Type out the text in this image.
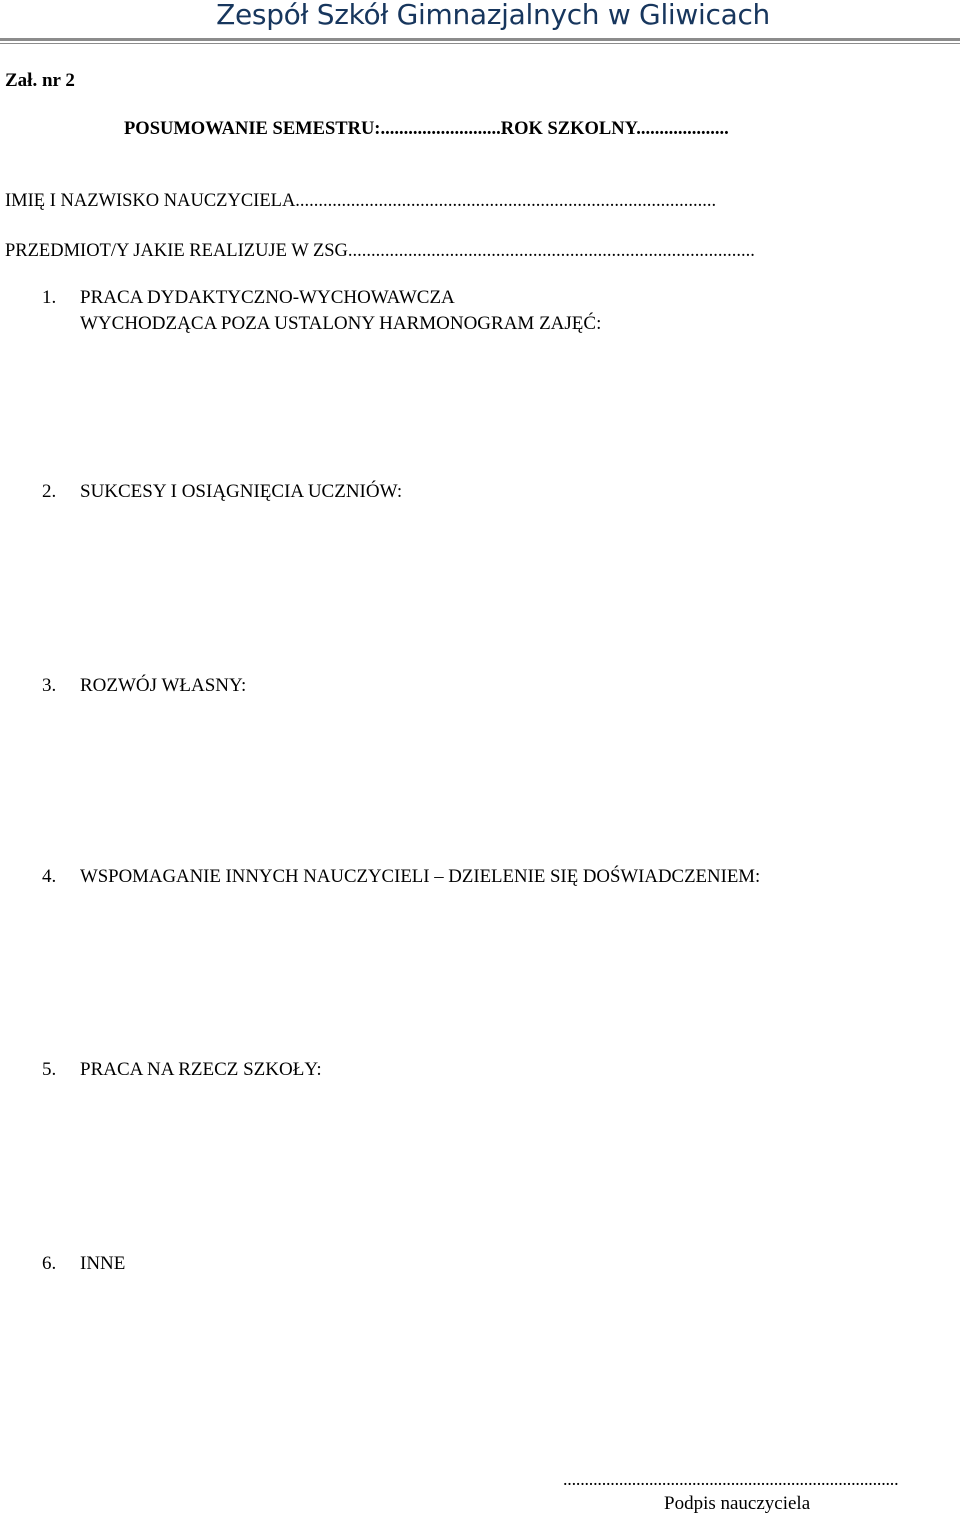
Zespół Szkół Gimnazjalnych w Gliwicach
Zał. nr 2
POSUMOWANIE SEMESTRU:..........................ROK SZKOLNY....................
IMIĘ I NAZWISKO NAUCZYCIELA...........................................................................................
PRZEDMIOT/Y JAKIE REALIZUJE W ZSG........................................................................................
1. PRACA DYDAKTYCZNO-WYCHOWAWCZA
WYCHODZĄCA POZA USTALONY HARMONOGRAM ZAJĘĆ:
2. SUKCESY I OSIĄGNIĘCIA UCZNIÓW:
3. ROZWÓJ WŁASNY:
4. WSPOMAGANIE INNYCH NAUCZYCIELI – DZIELENIE SIĘ DOŚWIADCZENIEM:
5. PRACA NA RZECZ SZKOŁY:
6. INNE
..............................................................................
Podpis nauczyciela
